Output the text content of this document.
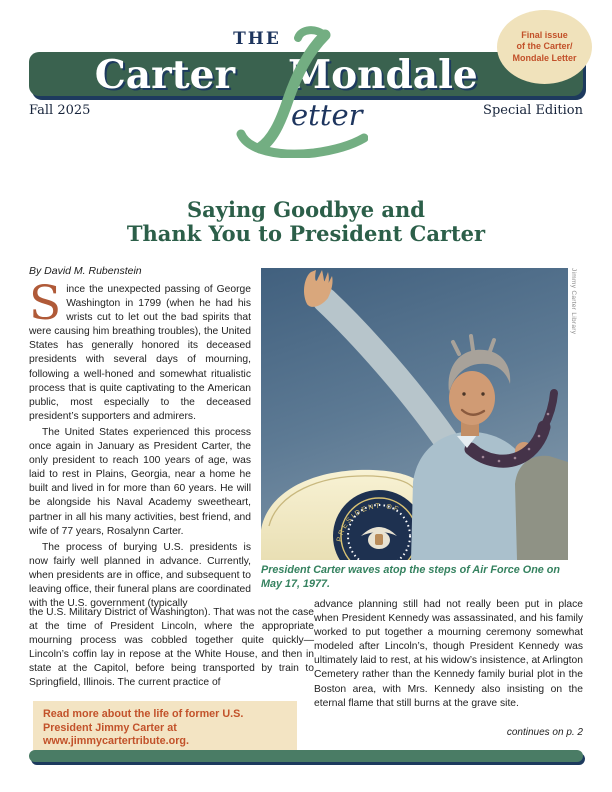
THE
Carter Mondale
etter
Fall 2025	Special Edition
Final issue
of the Carter/
Mondale Letter
Saying Goodbye and
Thank You to President Carter
By David M. Rubenstein

Since the unexpected passing of George Washington in 1799 (when he had his wrists cut to let out the bad spirits that were causing him breathing troubles), the United States has generally honored its deceased presidents with several days of mourning, following a well-honed and somewhat ritualistic process that is quite captivating to the American public, most especially to the deceased president’s supporters and admirers.

The United States experienced this process once again in January as President Carter, the only president to reach 100 years of age, was laid to rest in Plains, Georgia, near a home he built and lived in for more than 60 years. He will be alongside his Naval Academy sweetheart, partner in all his many activities, best friend, and wife of 77 years, Rosalynn Carter.

The process of burying U.S. presidents is now fairly well planned in advance. Currently, when presidents are in office, and subsequent to leaving office, their funeral plans are coordinated with the U.S. government (typically

the U.S. Military District of Washington). That was not the case at the time of President Lincoln, where the appropriate mourning process was cobbled together quite quickly—Lincoln’s coffin lay in repose at the White House, and then in state at the Capitol, before being transported by train to Springfield, Illinois. The current practice of

advance planning still had not really been put in place when President Kennedy was assassinated, and his family worked to put together a mourning ceremony somewhat modeled after Lincoln’s, though President Kennedy was ultimately laid to rest, at his widow’s insistence, at Arlington Cemetery rather than the Kennedy family burial plot in the Boston area, with Mrs. Kennedy also insisting on the eternal flame that still burns at the grave site.

continues on p. 2
PRESIDENT OF
Jimmy Carter Library
President Carter waves atop the steps of Air Force One on May 17, 1977.
Read more about the life of former U.S. President Jimmy Carter at www.jimmycartertribute.org.
